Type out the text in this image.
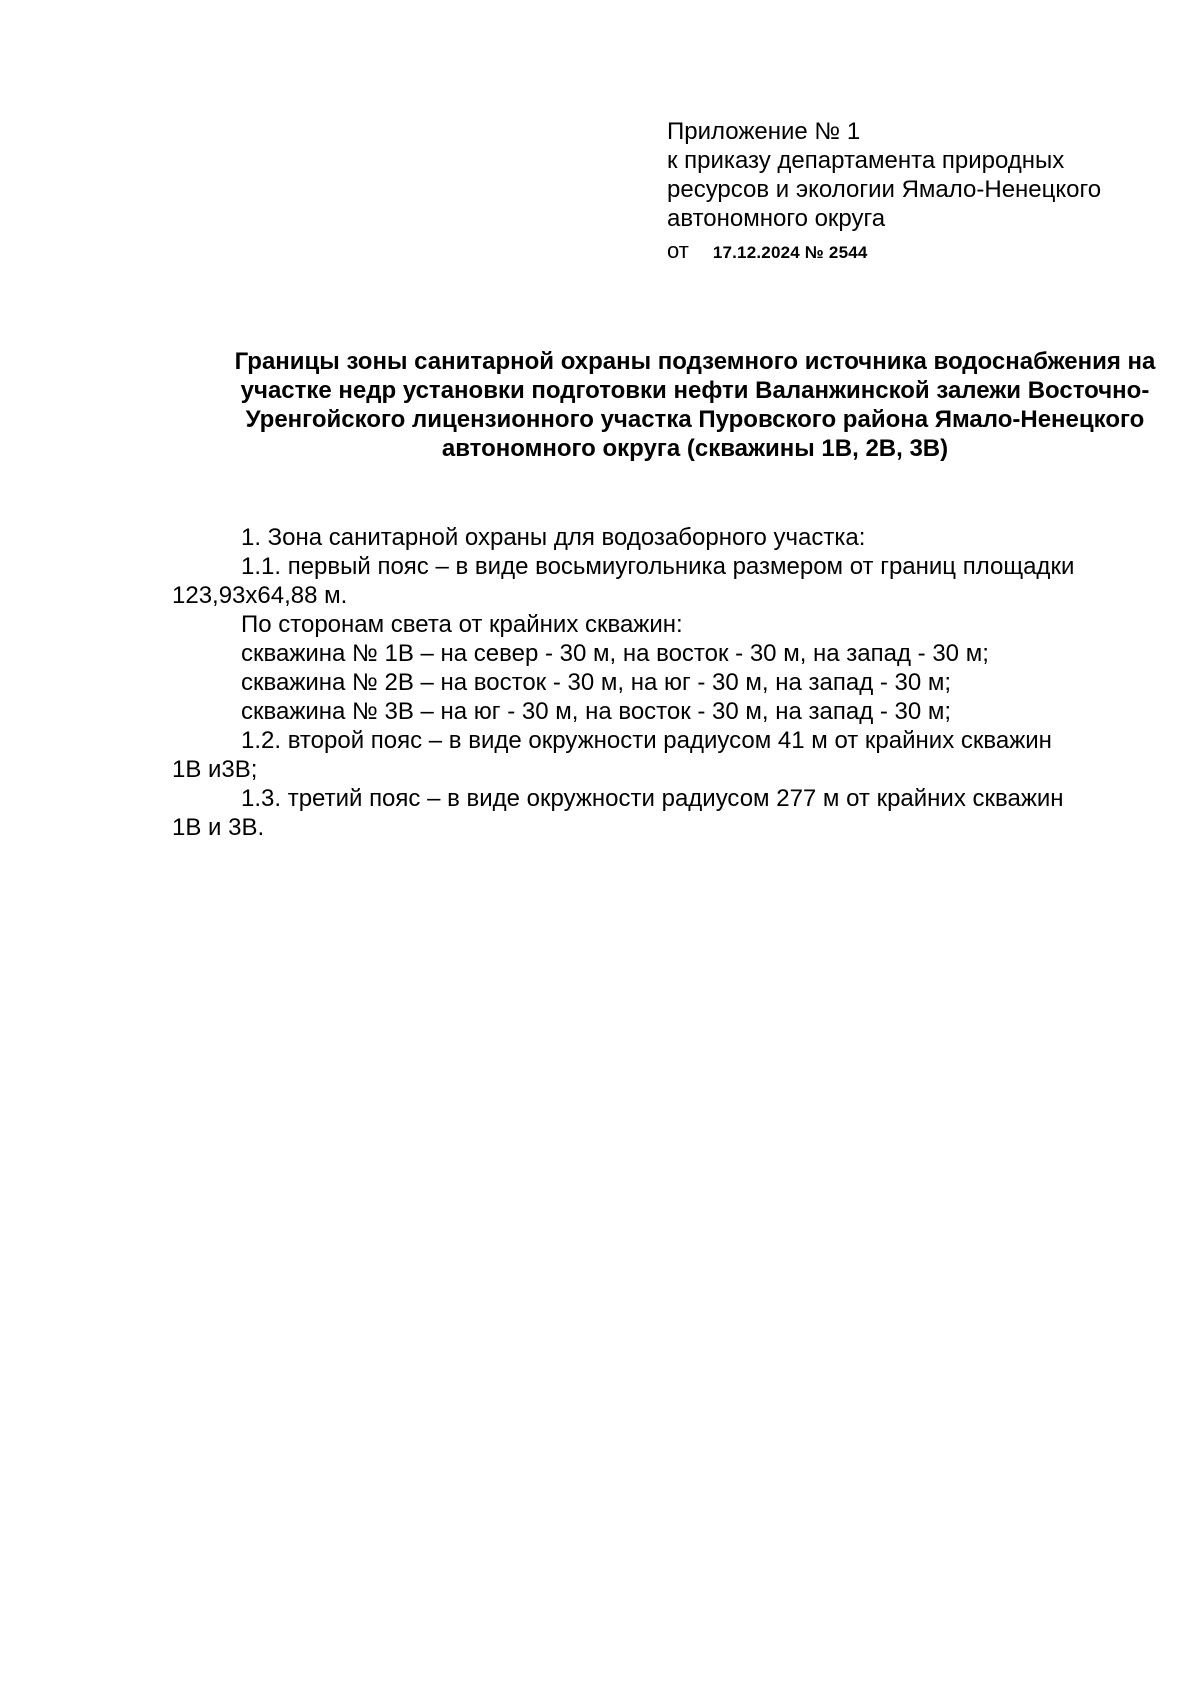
Приложение № 1
к приказу департамента природных
ресурсов и экологии Ямало-Ненецкого
автономного округа
от 17.12.2024 № 2544
Границы зоны санитарной охраны подземного источника водоснабжения на
участке недр установки подготовки нефти Валанжинской залежи Восточно-
Уренгойского лицензионного участка Пуровского района Ямало-Ненецкого
автономного округа (скважины 1В, 2В, 3В)
1. Зона санитарной охраны для водозаборного участка:
1.1. первый пояс – в виде восьмиугольника размером от границ площадки
123,93х64,88 м.
По сторонам света от крайних скважин:
скважина № 1В – на север - 30 м, на восток - 30 м, на запад - 30 м;
скважина № 2В – на восток - 30 м, на юг - 30 м, на запад - 30 м;
скважина № 3В – на юг - 30 м, на восток - 30 м, на запад - 30 м;
1.2. второй пояс – в виде окружности радиусом 41 м от крайних скважин
1В и3В;
1.3. третий пояс – в виде окружности радиусом 277 м от крайних скважин
1В и 3В.
